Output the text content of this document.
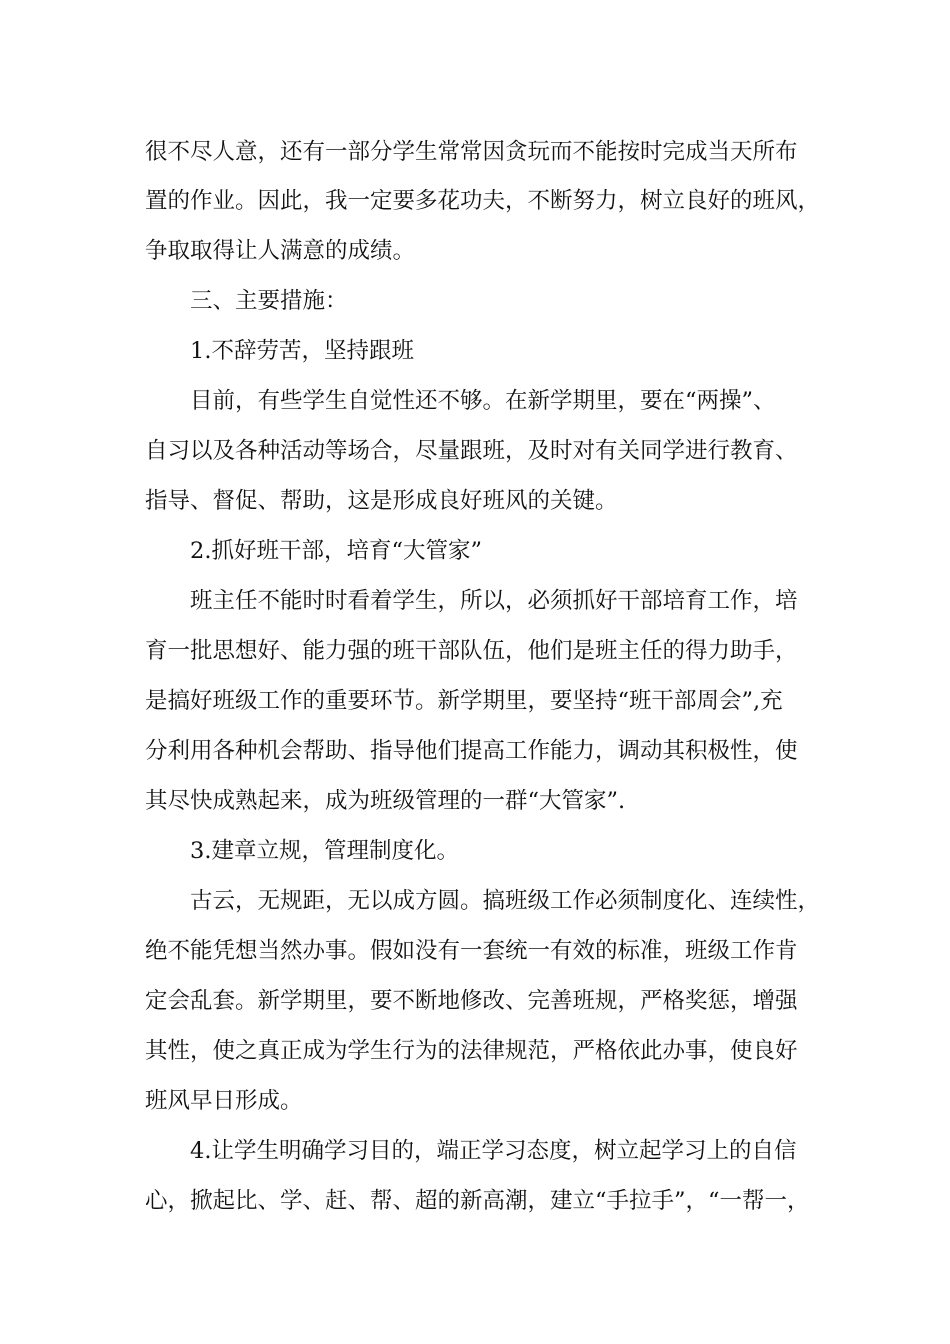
很不尽人意，还有一部分学生常常因贪玩而不能按时完成当天所布
置的作业。因此，我一定要多花功夫，不断努力，树立良好的班风，
争取取得让人满意的成绩。
三、主要措施：
1.不辞劳苦，坚持跟班
目前，有些学生自觉性还不够。在新学期里，要在“两操”、
自习以及各种活动等场合，尽量跟班，及时对有关同学进行教育、
指导、督促、帮助，这是形成良好班风的关键。
2.抓好班干部，培育“大管家”
班主任不能时时看着学生，所以，必须抓好干部培育工作，培
育一批思想好、能力强的班干部队伍，他们是班主任的得力助手，
是搞好班级工作的重要环节。新学期里，要坚持“班干部周会”,充
分利用各种机会帮助、指导他们提高工作能力，调动其积极性，使
其尽快成熟起来，成为班级管理的一群“大管家”.
3.建章立规，管理制度化。
古云，无规距，无以成方圆。搞班级工作必须制度化、连续性，
绝不能凭想当然办事。假如没有一套统一有效的标准，班级工作肯
定会乱套。新学期里，要不断地修改、完善班规，严格奖惩，增强
其性，使之真正成为学生行为的法律规范，严格依此办事，使良好
班风早日形成。
4.让学生明确学习目的，端正学习态度，树立起学习上的自信
心，掀起比、学、赶、帮、超的新高潮，建立“手拉手”，“一帮一，
